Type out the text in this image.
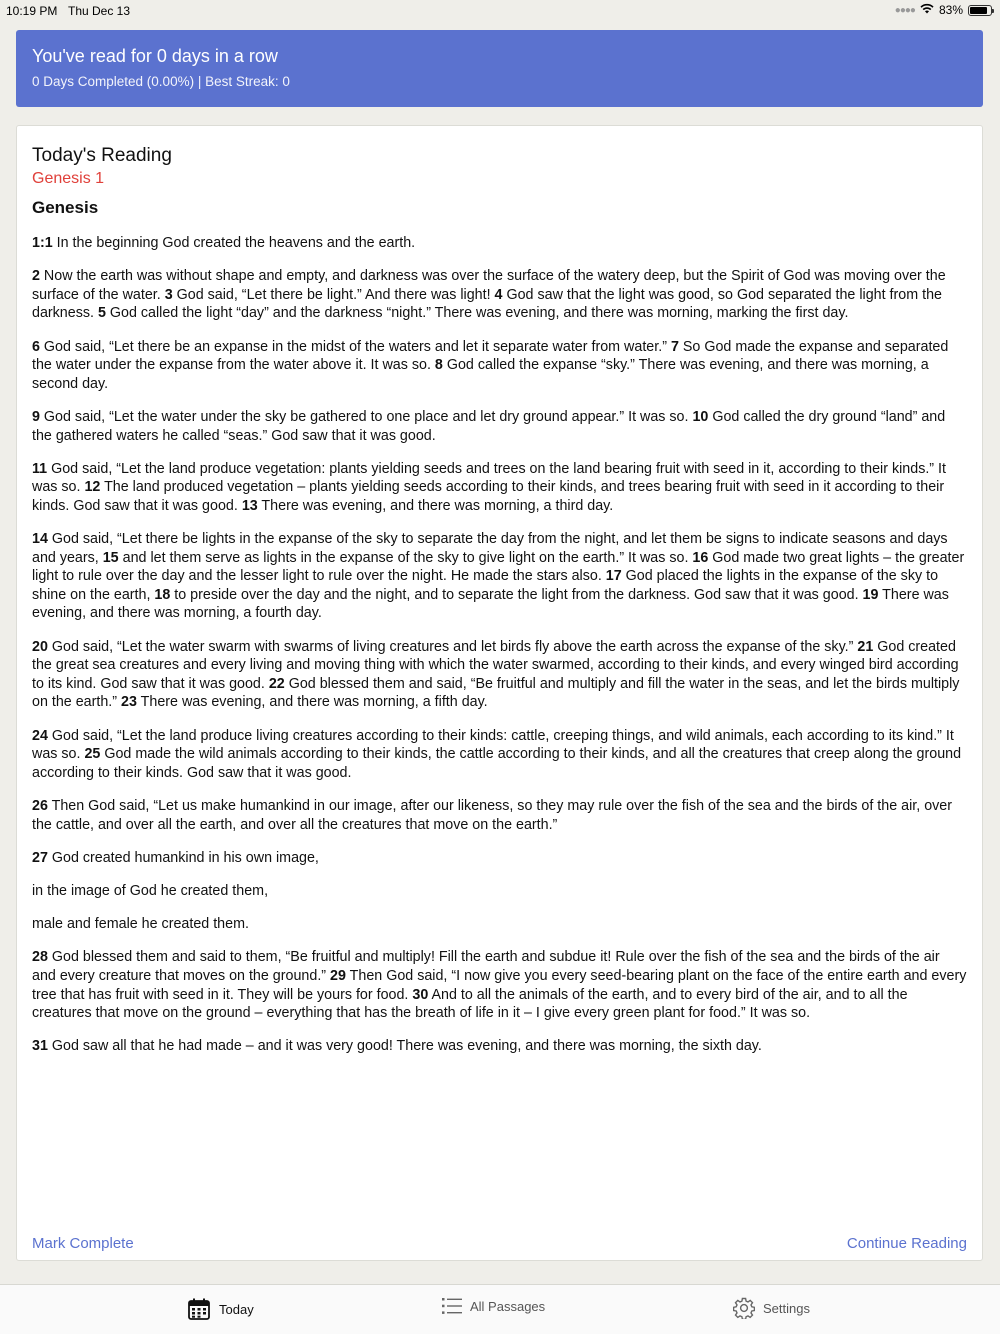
10:19 PM Thu Dec 13	●●●● 83%
You've read for 0 days in a row
0 Days Completed (0.00%) | Best Streak: 0
Today's Reading
Genesis 1
Genesis

1:1 In the beginning God created the heavens and the earth.

2 Now the earth was without shape and empty, and darkness was over the surface of the watery deep, but the Spirit of God was moving over the surface of the water. 3 God said, “Let there be light.” And there was light! 4 God saw that the light was good, so God separated the light from the darkness. 5 God called the light “day” and the darkness “night.” There was evening, and there was morning, marking the first day.

6 God said, “Let there be an expanse in the midst of the waters and let it separate water from water.” 7 So God made the expanse and separated the water under the expanse from the water above it. It was so. 8 God called the expanse “sky.” There was evening, and there was morning, a second day.

9 God said, “Let the water under the sky be gathered to one place and let dry ground appear.” It was so. 10 God called the dry ground “land” and the gathered waters he called “seas.” God saw that it was good.

11 God said, “Let the land produce vegetation: plants yielding seeds and trees on the land bearing fruit with seed in it, according to their kinds.” It was so. 12 The land produced vegetation – plants yielding seeds according to their kinds, and trees bearing fruit with seed in it according to their kinds. God saw that it was good. 13 There was evening, and there was morning, a third day.

14 God said, “Let there be lights in the expanse of the sky to separate the day from the night, and let them be signs to indicate seasons and days and years, 15 and let them serve as lights in the expanse of the sky to give light on the earth.” It was so. 16 God made two great lights – the greater light to rule over the day and the lesser light to rule over the night. He made the stars also. 17 God placed the lights in the expanse of the sky to shine on the earth, 18 to preside over the day and the night, and to separate the light from the darkness. God saw that it was good. 19 There was evening, and there was morning, a fourth day.

20 God said, “Let the water swarm with swarms of living creatures and let birds fly above the earth across the expanse of the sky.” 21 God created the great sea creatures and every living and moving thing with which the water swarmed, according to their kinds, and every winged bird according to its kind. God saw that it was good. 22 God blessed them and said, “Be fruitful and multiply and fill the water in the seas, and let the birds multiply on the earth.” 23 There was evening, and there was morning, a fifth day.

24 God said, “Let the land produce living creatures according to their kinds: cattle, creeping things, and wild animals, each according to its kind.” It was so. 25 God made the wild animals according to their kinds, the cattle according to their kinds, and all the creatures that creep along the ground according to their kinds. God saw that it was good.

26 Then God said, “Let us make humankind in our image, after our likeness, so they may rule over the fish of the sea and the birds of the air, over the cattle, and over all the earth, and over all the creatures that move on the earth.”

27 God created humankind in his own image,

in the image of God he created them,

male and female he created them.

28 God blessed them and said to them, “Be fruitful and multiply! Fill the earth and subdue it! Rule over the fish of the sea and the birds of the air and every creature that moves on the ground.” 29 Then God said, “I now give you every seed-bearing plant on the face of the entire earth and every tree that has fruit with seed in it. They will be yours for food. 30 And to all the animals of the earth, and to every bird of the air, and to all the creatures that move on the ground – everything that has the breath of life in it – I give every green plant for food.” It was so.

31 God saw all that he had made – and it was very good! There was evening, and there was morning, the sixth day.

Mark Complete	Continue Reading
Today	All Passages	Settings
